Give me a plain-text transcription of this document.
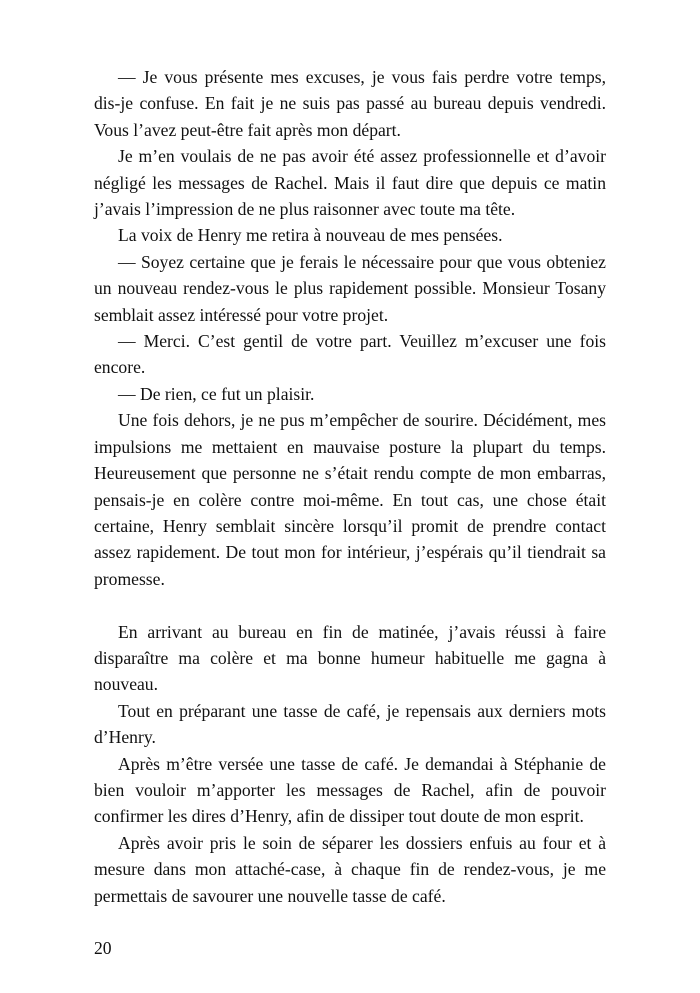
— Je vous présente mes excuses, je vous fais perdre votre temps, dis-je confuse. En fait je ne suis pas passé au bureau depuis vendredi. Vous l’avez peut-être fait après mon départ.

Je m’en voulais de ne pas avoir été assez professionnelle et d’avoir négligé les messages de Rachel. Mais il faut dire que depuis ce matin j’avais l’impression de ne plus raisonner avec toute ma tête.

La voix de Henry me retira à nouveau de mes pensées.

— Soyez certaine que je ferais le nécessaire pour que vous obteniez un nouveau rendez-vous le plus rapidement possible. Monsieur Tosany semblait assez intéressé pour votre projet.

— Merci. C’est gentil de votre part. Veuillez m’excuser une fois encore.

— De rien, ce fut un plaisir.

Une fois dehors, je ne pus m’empêcher de sourire. Décidément, mes impulsions me mettaient en mauvaise posture la plupart du temps. Heureusement que personne ne s’était rendu compte de mon embarras, pensais-je en colère contre moi-même. En tout cas, une chose était certaine, Henry semblait sincère lorsqu’il promit de prendre contact assez rapidement. De tout mon for intérieur, j’espérais qu’il tiendrait sa promesse.

En arrivant au bureau en fin de matinée, j’avais réussi à faire disparaître ma colère et ma bonne humeur habituelle me gagna à nouveau.

Tout en préparant une tasse de café, je repensais aux derniers mots d’Henry.

Après m’être versée une tasse de café. Je demandai à Stéphanie de bien vouloir m’apporter les messages de Rachel, afin de pouvoir confirmer les dires d’Henry, afin de dissiper tout doute de mon esprit.

Après avoir pris le soin de séparer les dossiers enfuis au four et à mesure dans mon attaché-case, à chaque fin de rendez-vous, je me permettais de savourer une nouvelle tasse de café.

20
